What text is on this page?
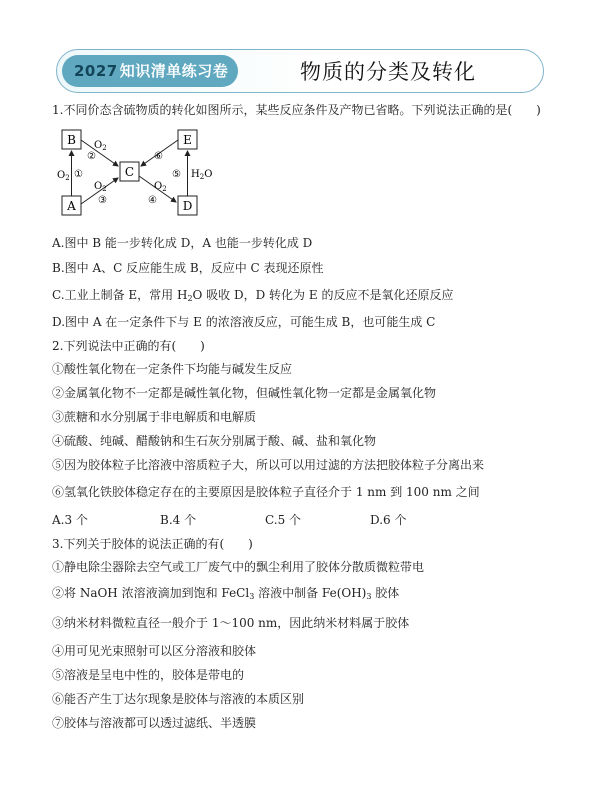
2027 知识清单练习卷	物质的分类及转化
1.不同价态含硫物质的转化如图所示，某些反应条件及产物已省略。下列说法正确的是(　　)
B	E
C
A	D
$O_2$ ①
$O_2$
②
$O_2$
③
$O_2$
④
⑤ $H_2O$
⑥
A.图中 B 能一步转化成 D，A 也能一步转化成 D
B.图中 A、C 反应能生成 B，反应中 C 表现还原性
C.工业上制备 E，常用 $H_2O$ 吸收 D，D 转化为 E 的反应不是氧化还原反应
D.图中 A 在一定条件下与 E 的浓溶液反应，可能生成 B，也可能生成 C
2.下列说法中正确的有(　　)
①酸性氧化物在一定条件下均能与碱发生反应
②金属氧化物不一定都是碱性氧化物，但碱性氧化物一定都是金属氧化物
③蔗糖和水分别属于非电解质和电解质
④硫酸、纯碱、醋酸钠和生石灰分别属于酸、碱、盐和氧化物
⑤因为胶体粒子比溶液中溶质粒子大，所以可以用过滤的方法把胶体粒子分离出来
⑥氢氧化铁胶体稳定存在的主要原因是胶体粒子直径介于 1 nm 到 100 nm 之间
A.3 个	B.4 个	C.5 个	D.6 个
3.下列关于胶体的说法正确的有(　　)
①静电除尘器除去空气或工厂废气中的飘尘利用了胶体分散质微粒带电
②将 NaOH 浓溶液滴加到饱和 FeCl$_3$ 溶液中制备 $Fe(OH)_3$ 胶体
③纳米材料微粒直径一般介于 1～100 nm，因此纳米材料属于胶体
④用可见光束照射可以区分溶液和胶体
⑤溶液是呈电中性的，胶体是带电的
⑥能否产生丁达尔现象是胶体与溶液的本质区别
⑦胶体与溶液都可以透过滤纸、半透膜
